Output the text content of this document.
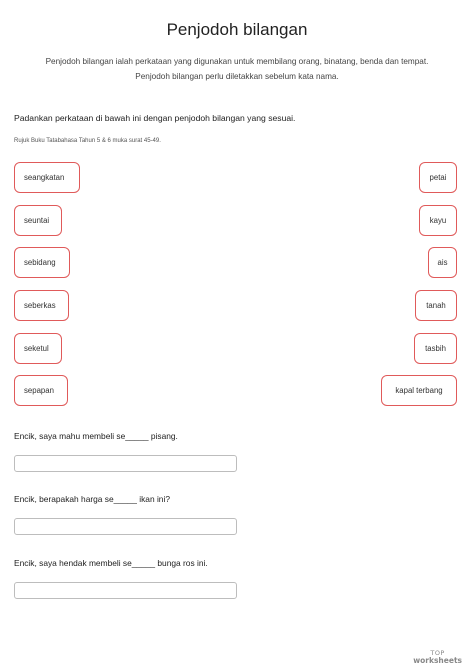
Penjodoh bilangan
Penjodoh bilangan ialah perkataan yang digunakan untuk membilang orang, binatang, benda dan tempat.
Penjodoh bilangan perlu diletakkan sebelum kata nama.
Padankan perkataan di bawah ini dengan penjodoh bilangan yang sesuai.
Rujuk Buku Tatabahasa Tahun 5 & 6 muka surat 45-49.
seangkatan
seuntai
sebidang
seberkas
seketul
sepapan
petai
kayu
ais
tanah
tasbih
kapal terbang
Encik, saya mahu membeli se_____ pisang.
Encik, berapakah harga se_____ ikan ini?
Encik, saya hendak membeli se_____ bunga ros ini.
TOP
worksheets
